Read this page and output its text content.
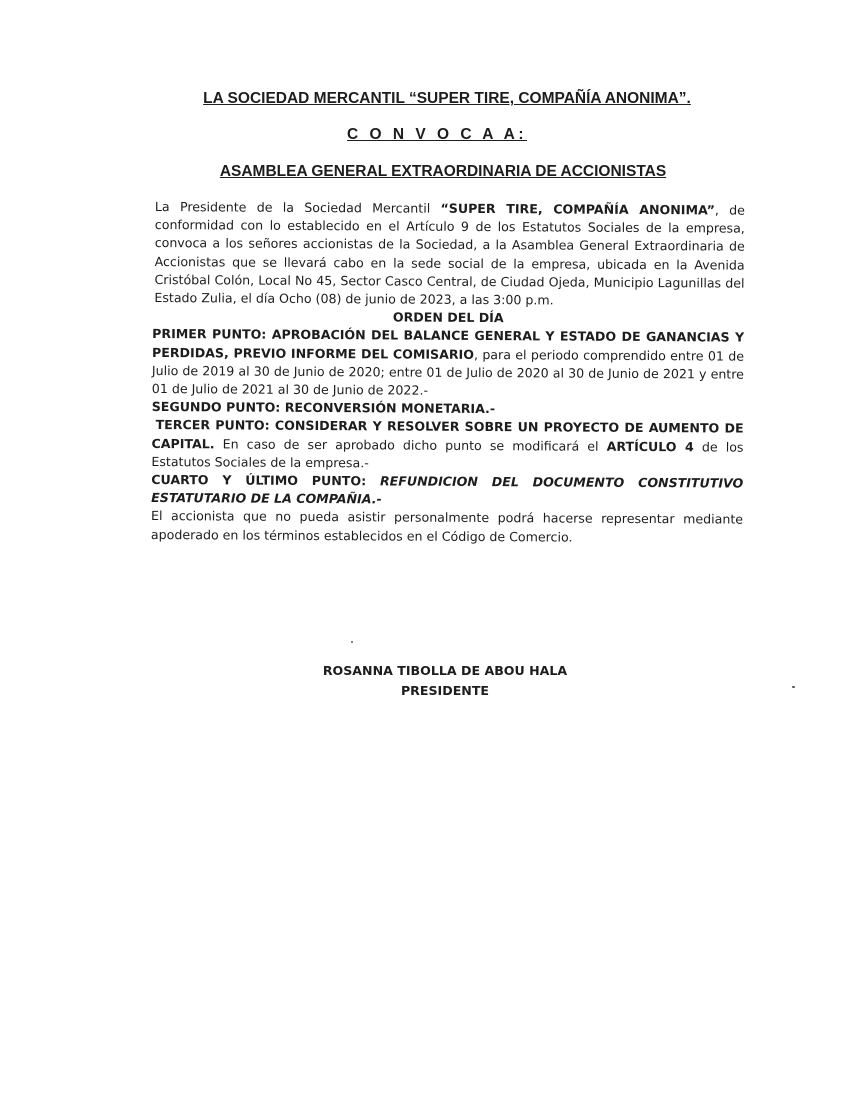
LA SOCIEDAD MERCANTIL “SUPER TIRE, COMPAÑÍA ANONIMA”.
C O N V O C A A:
ASAMBLEA GENERAL EXTRAORDINARIA DE ACCIONISTAS

La Presidente de la Sociedad Mercantil “SUPER TIRE, COMPAÑÍA ANONIMA”, de conformidad con lo establecido en el Artículo 9 de los Estatutos Sociales de la empresa, convoca a los señores accionistas de la Sociedad, a la Asamblea General Extraordinaria de Accionistas que se llevará cabo en la sede social de la empresa, ubicada en la Avenida Cristóbal Colón, Local No 45, Sector Casco Central, de Ciudad Ojeda, Municipio Lagunillas del Estado Zulia, el día Ocho (08) de junio de 2023, a las 3:00 p.m.

ORDEN DEL DÍA

PRIMER PUNTO: APROBACIÓN DEL BALANCE GENERAL Y ESTADO DE GANANCIAS Y PERDIDAS, PREVIO INFORME DEL COMISARIO, para el periodo comprendido entre 01 de Julio de 2019 al 30 de Junio de 2020; entre 01 de Julio de 2020 al 30 de Junio de 2021 y entre 01 de Julio de 2021 al 30 de Junio de 2022.-

SEGUNDO PUNTO: RECONVERSIÓN MONETARIA.-

TERCER PUNTO: CONSIDERAR Y RESOLVER SOBRE UN PROYECTO DE AUMENTO DE CAPITAL. En caso de ser aprobado dicho punto se modificará el ARTÍCULO 4 de los Estatutos Sociales de la empresa.-

CUARTO Y ÚLTIMO PUNTO: REFUNDICION DEL DOCUMENTO CONSTITUTIVO ESTATUTARIO DE LA COMPAÑIA.-

El accionista que no pueda asistir personalmente podrá hacerse representar mediante apoderado en los términos establecidos en el Código de Comercio.

ROSANNA TIBOLLA DE ABOU HALA
PRESIDENTE
